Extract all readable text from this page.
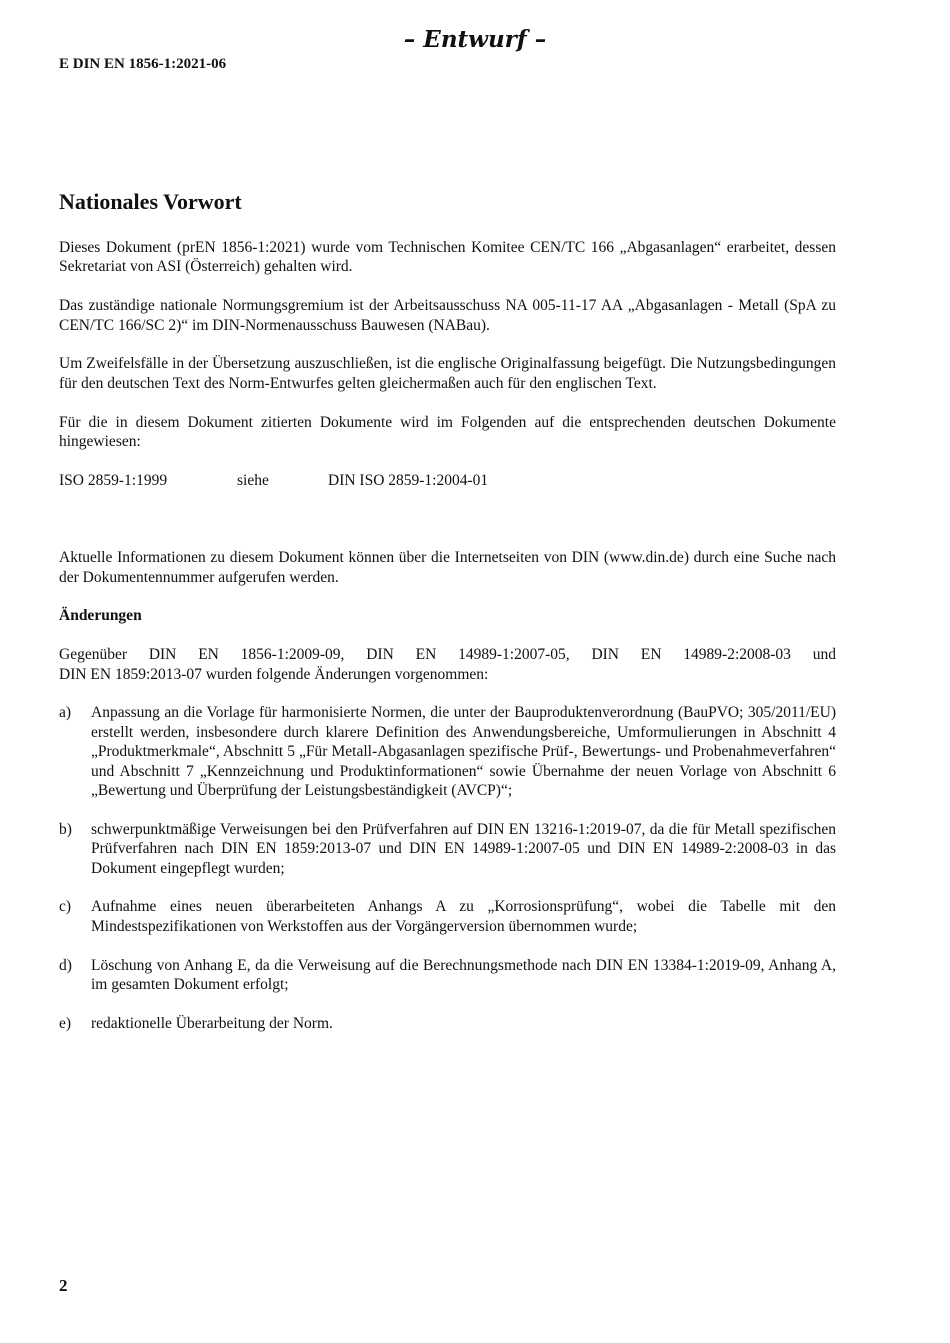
– Entwurf –
E DIN EN 1856-1:2021-06
Nationales Vorwort

Dieses Dokument (prEN 1856-1:2021) wurde vom Technischen Komitee CEN/TC 166 „Abgasanlagen“ erarbeitet, dessen Sekretariat von ASI (Österreich) gehalten wird.

Das zuständige nationale Normungsgremium ist der Arbeitsausschuss NA 005-11-17 AA „Abgasanlagen - Metall (SpA zu CEN/TC 166/SC 2)“ im DIN-Normenausschuss Bauwesen (NABau).

Um Zweifelsfälle in der Übersetzung auszuschließen, ist die englische Originalfassung beigefügt. Die Nutzungsbedingungen für den deutschen Text des Norm-Entwurfes gelten gleichermaßen auch für den englischen Text.

Für die in diesem Dokument zitierten Dokumente wird im Folgenden auf die entsprechenden deutschen Dokumente hingewiesen:

ISO 2859-1:1999	siehe	DIN ISO 2859-1:2004-01

Aktuelle Informationen zu diesem Dokument können über die Internetseiten von DIN (www.din.de) durch eine Suche nach der Dokumentennummer aufgerufen werden.

Änderungen

Gegenüber DIN EN 1856-1:2009-09, DIN EN 14989-1:2007-05, DIN EN 14989-2:2008-03 und
DIN EN 1859:2013-07 wurden folgende Änderungen vorgenommen:

a)	Anpassung an die Vorlage für harmonisierte Normen, die unter der Bauproduktenverordnung (BauPVO; 305/2011/EU) erstellt werden, insbesondere durch klarere Definition des Anwendungsbereiche, Umformulierungen in Abschnitt 4 „Produktmerkmale“, Abschnitt 5 „Für Metall-Abgasanlagen spezifische Prüf-, Bewertungs- und Probenahmeverfahren“ und Abschnitt 7 „Kennzeichnung und Produktinformationen“ sowie Übernahme der neuen Vorlage von Abschnitt 6 „Bewertung und Überprüfung der Leistungsbeständigkeit (AVCP)“;
b)	schwerpunktmäßige Verweisungen bei den Prüfverfahren auf DIN EN 13216-1:2019-07, da die für Metall spezifischen Prüfverfahren nach DIN EN 1859:2013-07 und DIN EN 14989-1:2007-05 und DIN EN 14989-2:2008-03 in das Dokument eingepflegt wurden;
c)	Aufnahme eines neuen überarbeiteten Anhangs A zu „Korrosionsprüfung“, wobei die Tabelle mit den Mindestspezifikationen von Werkstoffen aus der Vorgängerversion übernommen wurde;
d)	Löschung von Anhang E, da die Verweisung auf die Berechnungsmethode nach DIN EN 13384-1:2019-09, Anhang A, im gesamten Dokument erfolgt;
e)	redaktionelle Überarbeitung der Norm.
2
